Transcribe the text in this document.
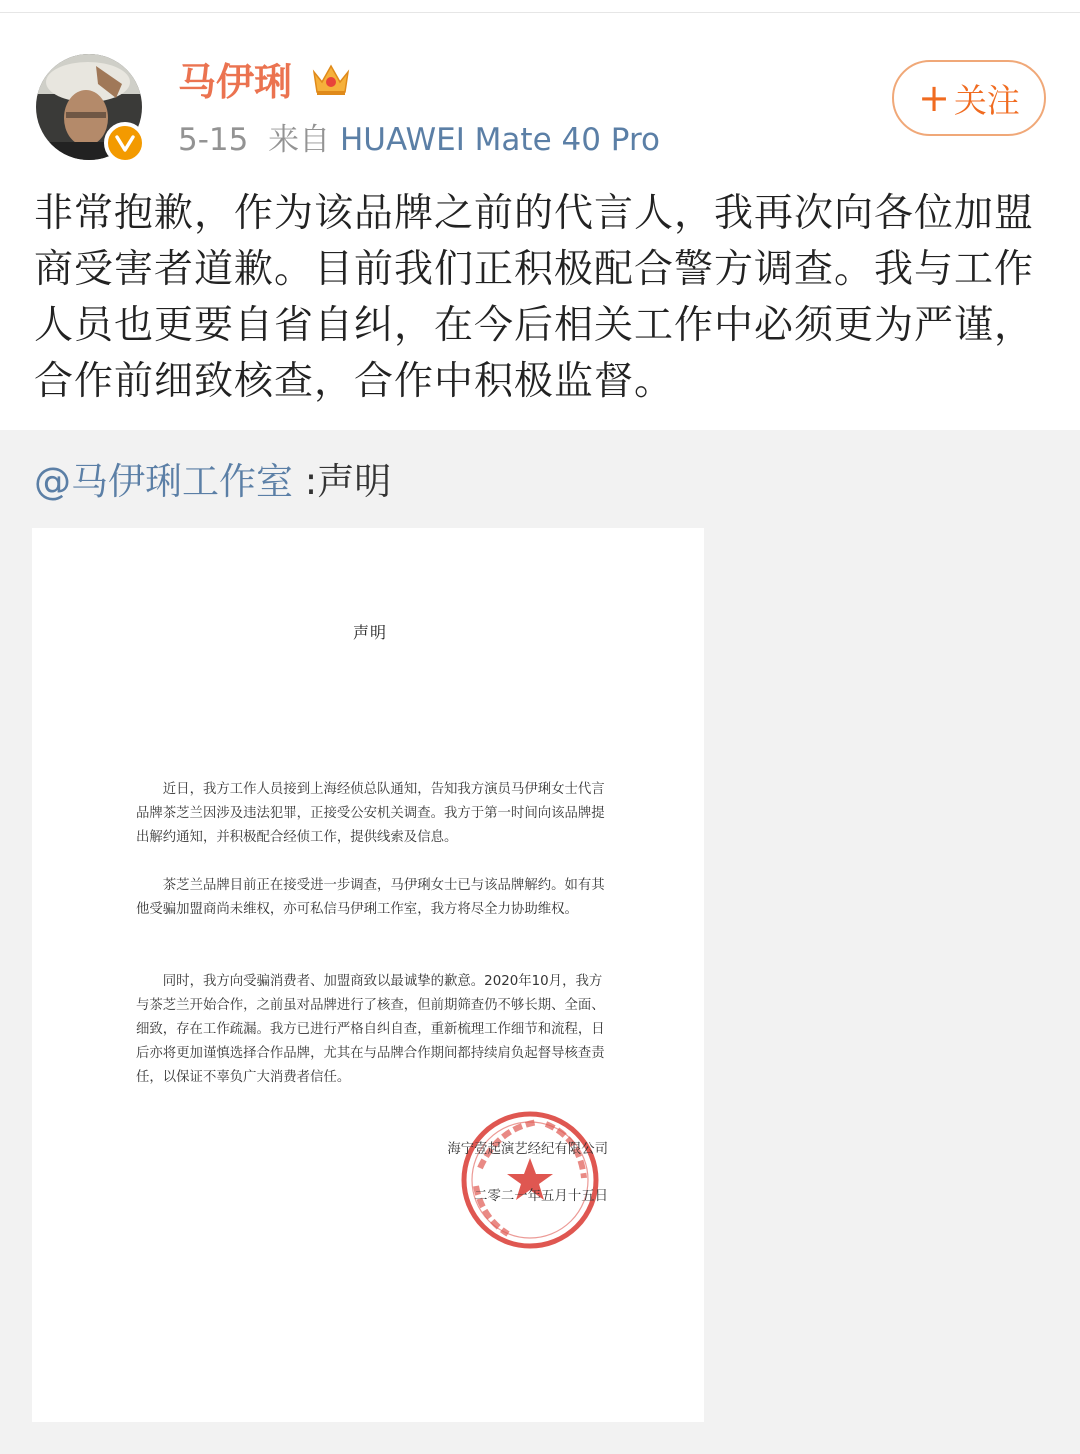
马伊琍
5-15 来自 HUAWEI Mate 40 Pro
+ 关注

非常抱歉，作为该品牌之前的代言人，我再次向各位加盟商受害者道歉。目前我们正积极配合警方调查。我与工作人员也更要自省自纠，在今后相关工作中必须更为严谨，合作前细致核查，合作中积极监督。

@马伊琍工作室 :声明
声明

近日，我方工作人员接到上海经侦总队通知，告知我方演员马伊琍女士代言品牌茶芝兰因涉及违法犯罪，正接受公安机关调查。我方于第一时间向该品牌提出解约通知，并积极配合经侦工作，提供线索及信息。

茶芝兰品牌目前正在接受进一步调查，马伊琍女士已与该品牌解约。如有其他受骗加盟商尚未维权，亦可私信马伊琍工作室，我方将尽全力协助维权。

同时，我方向受骗消费者、加盟商致以最诚挚的歉意。2020年10月，我方与茶芝兰开始合作，之前虽对品牌进行了核查，但前期筛查仍不够长期、全面、细致，存在工作疏漏。我方已进行严格自纠自查，重新梳理工作细节和流程，日后亦将更加谨慎选择合作品牌，尤其在与品牌合作期间都持续肩负起督导核查责任，以保证不辜负广大消费者信任。

海宁壹起演艺经纪有限公司
二零二一年五月十五日
